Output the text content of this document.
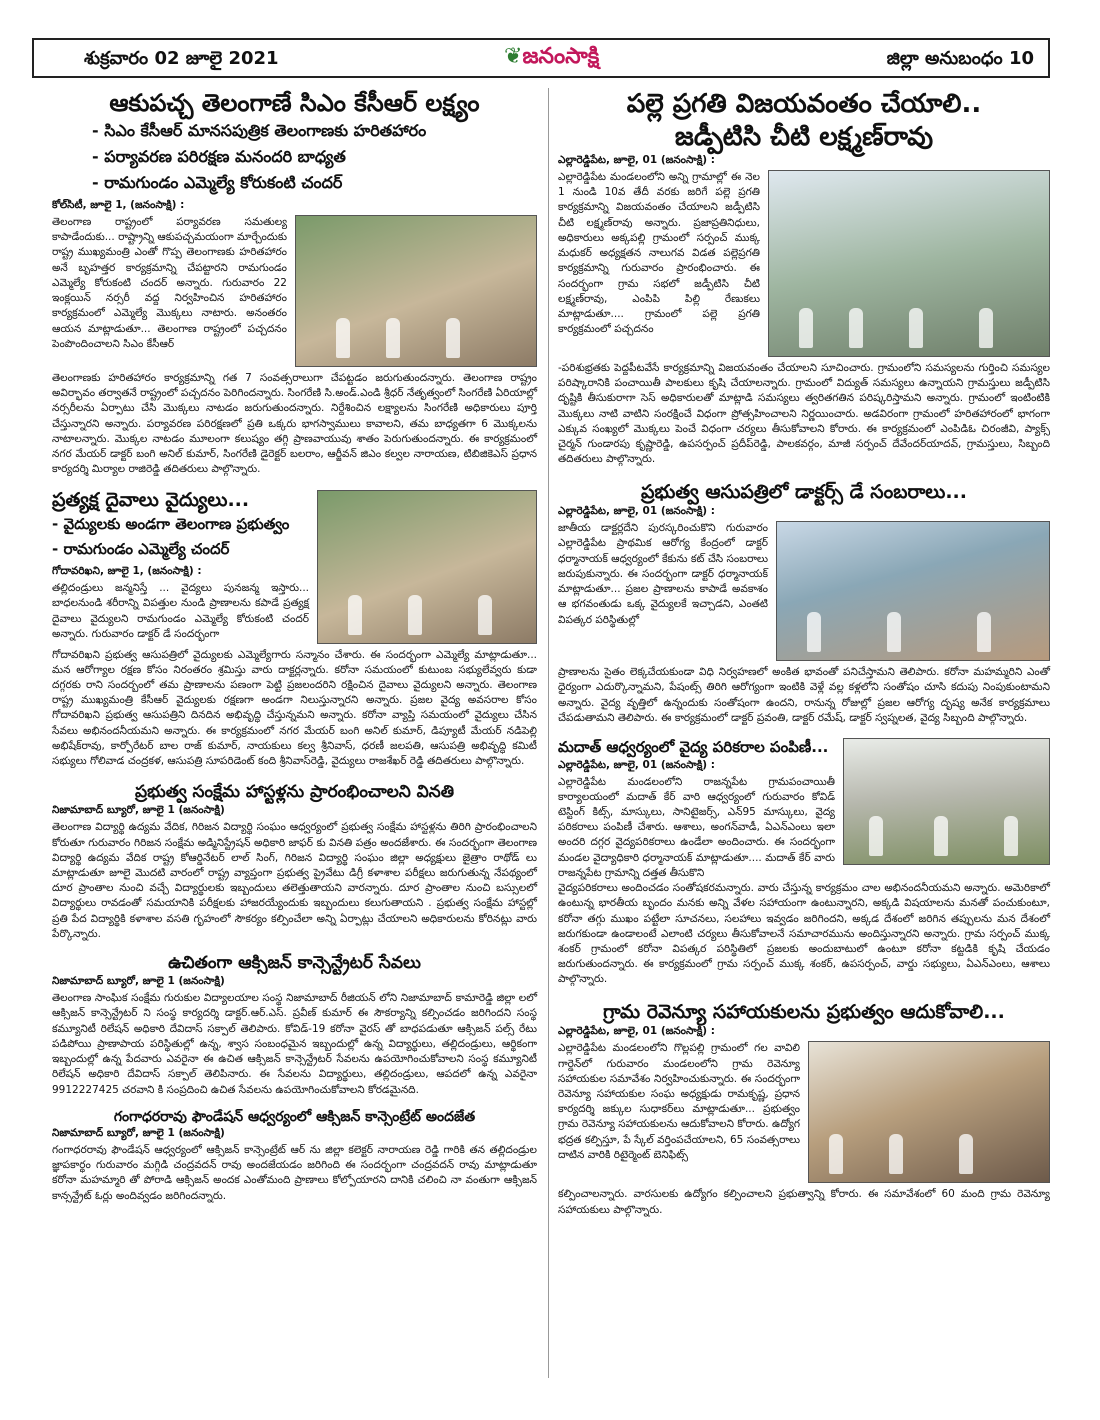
శుక్రవారం 02 జూలై 2021	❦జనంసాక్షి	జిల్లా అనుబంధం 10
ఆకుపచ్చ తెలంగాణే సిఎం కేసీఆర్ లక్ష్యం
- సిఎం కేసీఆర్ మానసపుత్రిక తెలంగాణకు హరితహారం
- పర్యావరణ పరిరక్షణ మనందరి బాధ్యత
- రామగుండం ఎమ్మెల్యే కోరుకంటి చందర్
కోల్‌సిటీ, జూలై 1, (జనంసాక్షి) :

తెలంగాణ రాష్ట్రంలో పర్యావరణ సమతుల్య కాపాడేందుకు... రాష్ట్రాన్ని ఆకుపచ్చమయంగా మార్చేందుకు రాష్ట్ర ముఖ్యమంత్రి ఎంతో గొప్ప తెలంగాణకు హరితహారం అనే బృహత్తర కార్యక్రమాన్ని చేపట్టారని రామగుండం ఎమ్మెల్యే కోరుకంటి చందర్ అన్నారు. గురువారం 22 ఇంక్లయిన్ నర్సరీ వద్ద నిర్వహించిన హరితహారం కార్యక్రమంలో ఎమ్మెల్యే మొక్కలు నాటారు. అనంతరం ఆయన మాట్లాడుతూ... తెలంగాణ రాష్ట్రంలో పచ్చదనం పెంపొందించాలని సిఎం కేసీఆర్

తెలంగాణకు హరితహారం కార్యక్రమాన్ని గత 7 సంవత్సరాలుగా చేపట్టడం జరుగుతుందన్నారు. తెలంగాణ రాష్ట్రం అవిర్భావం తర్వాతనే రాష్ట్రంలో పచ్చదనం పెరిగిందన్నారు. సింగరేణి సి.అండ్.ఎండి శ్రీధర్ నేతృత్వంలో సింగరేణి ఏరియాల్లో నర్సరీలను ఏర్పాటు చేసి మొక్కలు నాటడం జరుగుతుందన్నారు. నిర్దేశించిన లక్ష్యాలను సింగరేణి అధికారులు పూర్తి చేస్తున్నారని అన్నారు. పర్యావరణ పరిరక్షణలో ప్రతి ఒక్కరు భాగస్వాములు కావాలని, తమ బాధ్యతగా 6 మొక్కలను నాటాలన్నారు. మొక్కల నాటడం మూలంగా కలుష్యం తగ్గి ప్రాణవాయువు శాతం పెరుగుతుందన్నారు. ఈ కార్యక్రమంలో నగర మేయర్ డాక్టర్ బంగి అనిల్ కుమార్, సింగరేణి డైరెక్టర్ బలరాం, ఆర్జీవన్ జిఎం కల్వల నారాయణ, టిబిజికెఎస్ ప్రధాన కార్యదర్శి మిర్యాల రాజిరెడ్డి తదితరులు పాల్గొన్నారు.

ప్రత్యక్ష దైవాలు వైద్యులు...
- వైద్యులకు అండగా తెలంగాణ ప్రభుత్వం
- రామగుండం ఎమ్మెల్యే చందర్
గోదావరిఖని, జూలై 1, (జనంసాక్షి) :

తల్లిదండ్రులు జన్మనిస్తే ... వైద్యలు పునజన్మ ఇస్తారు... బాధలనుండి శరీరాన్ని విపత్తుల నుండి ప్రాణాలను కపాడే ప్రత్యక్ష దైవాలు వైద్యులని రామగుండం ఎమ్మెల్యే కోరుకంటి చందర్ అన్నారు. గురువారం డాక్టర్ డే సందర్భంగా

గోదావరిఖని ప్రభుత్వ ఆసుపత్రిలో వైద్యులకు ఎమ్మెల్యేగారు సన్మానం చేశారు. ఈ సందర్భంగా ఎమ్మెల్యే మాట్లాడుతూ... మన ఆరోగ్యాల రక్షణ కోసం నిరంతరం శ్రమిస్తు వారు దాక్టర్లన్నారు. కరోనా సమయంలో కుటుంబ సభ్యులేవ్వరు కుడా దగ్గరకు రాని సందర్బంలో తమ ప్రాణాలను పణంగా పెట్టి ప్రజలందరిని రక్షించిన దైవాలు వైద్యులని అన్నారు. తెలంగాణ రాష్ట్ర ముఖ్యమంత్రి కేసీఆర్ వైద్యులకు రక్షణగా అండగా నిలుస్తున్నారని అన్నారు. ప్రజల వైద్య అవసరాల కోసం గోదావరిఖని ప్రభుత్వ ఆసుపత్రిని దినదిన అభివృద్ధి చేస్తున్నమని అన్నారు. కరోనా వ్యాప్తి సమయంలో వైద్యులు చేసిన సేవలు అభినందనీయమని అన్నారు. ఈ కార్యక్రమంలో నగర మేయర్ బంగి అనిల్ కుమార్, డిప్యూటీ మేయర్ నడిపెల్లి అభిషేక్‌రావు, కార్పోరేటర్ బాల రాజ్ కుమార్, నాయకులు కల్వ శ్రీనివాస్, ధరణీ జలపతి, ఆసుపత్రి అభివృద్ధి కమిటీ సభ్యులు గోలివాడ చంద్రకళ, ఆసుపత్రి సూపరిడెంట్ కంది శ్రీనివాస్‌రెడ్డి, వైద్యులు రాజశేఖర్ రెడ్డి తదితరులు పాల్గొన్నారు.

ప్రభుత్వ సంక్షేమ హాస్టళ్లను ప్రారంభించాలని వినతి
నిజామాబాద్ బ్యూరో, జూలై 1 (జనంసాక్షి)

తెలంగాణ విద్యార్థి ఉద్యమ వేదిక, గిరిజన విద్యార్థి సంఘం ఆధ్వర్యంలో ప్రభుత్వ సంక్షేమ హాస్టళ్లను తిరిగి ప్రారంభించాలని కోరుతూ గురువారం గిరిజన సంక్షేమ అడ్మినిస్ట్రేషన్ అధికారి జాఫర్ కు వినతి పత్రం అందజేశారు. ఈ సందర్భంగా తెలంగాణ విద్యార్థి ఉద్యమ వేదిక రాష్ట్ర కోఆర్డినేటర్ లాల్ సింగ్, గిరిజన విద్యార్థి సంఘం జిల్లా అధ్యక్షులు జైత్రాం రాథోడ్ లు మాట్లాడుతూ జూలై మొదటి వారంలో రాష్ట్ర వ్యాప్తంగా ప్రభుత్వ ప్రైవేటు డిగ్రీ కళాశాల పరీక్షలు జరుగుతున్న నేపథ్యంలో దూర ప్రాంతాల నుంచి వచ్చే విద్యార్థులకు ఇబ్బందులు తలెత్తుతాయని వారన్నారు. దూర ప్రాంతాల నుంచి బస్సులలో విద్యార్థులు రావడంతో సమయానికి పరీక్షలకు హాజరయ్యేందుకు ఇబ్బందులు కలుగుతాయని . ప్రభుత్వ సంక్షేమ హాస్టల్లో ప్రతి పేద విద్యార్థికి కళాశాల వసతి గృహంలో సౌకర్యం కల్పించేలా అన్ని ఏర్పాట్లు చేయాలని అధికారులను కోరినట్లు వారు పేర్కొన్నారు.

ఉచితంగా ఆక్సిజన్ కాన్సెన్ట్రేటర్ సేవలు
నిజామాబాద్ బ్యూరో, జూలై 1 (జనంసాక్షి)

తెలంగాణ సాంఘిక సంక్షేమ గురుకుల విద్యాలయాల సంస్థ నిజామాబాద్ రీజియన్ లోని నిజామాబాద్ కామారెడ్డి జిల్లా లలో ఆక్సిజన్ కాన్సెన్ట్రేటర్ ని సంస్థ కార్యదర్శి డాక్టర్.ఆర్.ఎస్. ప్రవీణ్ కుమార్ ఈ సౌకర్యాన్ని కల్పించడం జరిగిందని సంస్థ కమ్యూనిటీ రిలేషన్ అధికారి దేవిదాస్ సక్పాల్ తెలిపారు. కోవిడ్-19 కరోనా వైరస్ తో బాధపడుతూ ఆక్సిజన్ పల్స్ రేటు పడిపోయి ప్రాణాపాయ పరిస్థితుల్లో ఉన్న, శ్వాస సంబంధమైన ఇబ్బందుల్లో ఉన్న విద్యార్థులు, తల్లిదండ్రులు, ఆర్థికంగా ఇబ్బందుల్లో ఉన్న పేదవారు ఎవరైనా ఈ ఉచిత ఆక్సిజన్ కాన్సెన్ట్రేటర్ సేవలను ఉపయోగించుకోవాలని సంస్థ కమ్యూనిటీ రిలేషన్ అధికారి దేవిదాస్ సక్పాల్ తెలిపినారు. ఈ సేవలను విద్యార్థులు, తల్లిదండ్రులు, ఆపదలో ఉన్న ఎవరైనా 9912227425 చరవాని కి సంప్రదించి ఉచిత సేవలను ఉపయోగించుకోవాలని కోరడమైనది.

గంగాధరరావు ఫౌండేషన్ ఆధ్వర్యంలో ఆక్సిజన్ కాన్సెంట్రేట్ అందజేత
నిజామాబాద్ బ్యూరో, జూలై 1 (జనంసాక్షి)

గంగాధరరావు ఫౌండేషన్ ఆధ్వర్యంలో ఆక్సిజన్ కాన్సెంట్రేట్ ఆర్ ను జిల్లా కలెక్టర్ నారాయణ రెడ్డి గారికి తన తల్లిదండ్రుల జ్ఞాపకార్థం గురువారం మగ్గిడి చంద్రవదన్ రావు అందజేయడం జరిగింది ఈ సందర్భంగా చంద్రవదన్ రావు మాట్లాడుతూ కరోనా మహమ్మారి తో పోరాడి ఆక్సిజన్ అందక ఎంతోమంది ప్రాణాలు కోల్పోయారని దానికి చలించి నా వంతుగా ఆక్సిజన్ కాన్సన్ట్రేట్ ఓర్లు అందివ్వడం జరిగిందన్నారు.

పల్లె ప్రగతి విజయవంతం చేయాలి..
జడ్పీటిసి చీటి లక్ష్మణ్‌రావు
ఎల్లారెడ్డిపేట, జూలై, 01 (జనంసాక్షి) :

ఎల్లారెడ్డిపేట మండలంలోని అన్ని గ్రామాల్లో ఈ నెల 1 నుండి 10వ తేదీ వరకు జరిగే పల్లె ప్రగతి కార్యక్రమాన్ని విజయవంతం చేయాలని జడ్పీటిసి చీటి లక్ష్మణ్‌రావు అన్నారు. ప్రజాప్రతినిధులు, అధికారులు అక్కపల్లి గ్రామంలో సర్పంచ్ ముక్క మధుకర్ అధ్యక్షతన నాలుగవ విడత పల్లెప్రగతి కార్యక్రమాన్ని గురువారం ప్రారంభించారు. ఈ సందర్భంగా గ్రామ సభలో జడ్పీటిసి చీటి లక్ష్మణ్‌రావు, ఎంపిపి పిల్లి రేణుకలు మాట్లాడుతూ.... గ్రామంలో పల్లె ప్రగతి కార్యక్రమంలో పచ్చదనం

-పరిశుభ్రతకు పెద్దపీటవేసే కార్యక్రమాన్ని విజయవంతం చేయాలని సూచించారు. గ్రామంలోని సమస్యలను గుర్తించి సమస్యల పరిష్కారానికి పంచాయితీ పాలకులు కృషి చేయాలన్నారు. గ్రామంలో విద్యుత్ సమస్యలు ఉన్నాయని గ్రామస్తులు జడ్పీటిసి దృష్టికి తీసుకురాగా సెస్ అధికారులతో మాట్లాడి సమస్యలు త్వరితగతిన పరిష్కరిస్తామని అన్నారు. గ్రామంలో ఇంటింటికి మొక్కలు నాటి వాటిని సంరక్షించే విధంగా ప్రోత్సహించాలని నిర్ణయించారు. అడవిరంగా గ్రామంలో హరితహారంలో భాగంగా ఎక్కువ సంఖ్యలో మొక్కలు పెంచే విధంగా చర్యలు తీసుకోవాలని కోరారు. ఈ కార్యక్రమంలో ఎంపిడిఓ చిరంజీవి, ప్యాక్స్ చైర్మన్ గుండారపు కృష్ణారెడ్డి, ఉపసర్పంచ్ ప్రదీప్‌రెడ్డి, పాలకవర్గం, మాజీ సర్పంచ్ దేవేందర్‌యాదవ్, గ్రామస్తులు, సిబ్బంది తదితరులు పాల్గొన్నారు.

ప్రభుత్వ ఆసుపత్రిలో డాక్టర్స్ డే సంబరాలు...
ఎల్లారెడ్డిపేట, జూలై, 01 (జనంసాక్షి) :

జాతీయ డాక్టర్లదేని పురస్కరించుకొని గురువారం ఎల్లారెడ్డిపేట ప్రాథమిక ఆరోగ్య కేంద్రంలో డాక్టర్ ధర్మానాయక్ ఆధ్వర్యంలో కేకును కట్ చేసి సంబరాలు జరుపుకున్నారు. ఈ సందర్భంగా డాక్టర్ ధర్మానాయక్ మాట్లాడుతూ... ప్రజల ప్రాణాలను కాపాడే అవకాశం ఆ భగవంతుడు ఒక్క వైద్యులకే ఇచ్చాడని, ఎంతటి విపత్కర పరిస్థితుల్లో

ప్రాణాలను సైతం లెక్కచేయకుండా విధి నిర్వహణలో అంకిత భావంతో పనిచేస్తామని తెలిపారు. కరోనా మహమ్మరిని ఎంతో ధైర్యంగా ఎదుర్కొన్నామని, పేషంట్స్ తిరిగి ఆరోగ్యంగా ఇంటికి వెళ్లే వల్ల కళ్లలోని సంతోషం చూసి కదుపు నింపుకుంటామని అన్నారు. వైద్య వృత్తిలో ఉన్నందుకు సంతోషంగా ఉందని, రానున్న రోజుల్లో ప్రజల ఆరోగ్య దృష్య అనేక కార్యక్రమాలు చేపడుతామని తెలిపారు. ఈ కార్యక్రమంలో డాక్టర్ ప్రవంతి, డాక్టర్ రమేష్, డాక్టర్ స్వప్నలత, వైద్య సిబ్బంది పాల్గొన్నారు.

మదాత్ ఆధ్వర్యంలో వైద్య పరికరాల పంపిణీ...
ఎల్లారెడ్డిపేట, జూలై, 01 (జనంసాక్షి) :

ఎల్లారెడ్డిపేట మండలంలోని రాజన్నపేట గ్రామపంచాయితీ కార్యాలయంలో మదాత్ కేర్ వారి ఆధ్వర్యంలో గురువారం కోవిడ్ టెస్టింగ్ కిట్స్, మాస్కులు, సానిటైజర్స్, ఎన్95 మాస్కులు, వైద్య పరికరాలు పంపిణీ చేశారు. ఆశాలు, అంగన్‌వాడీ, ఏఎన్ఎంలు ఇలా అందరి దగ్గర వైద్యపరికరాలు ఉండేలా అందించారు. ఈ సందర్భంగా మండల వైద్యాధికారి ధర్మానాయక్ మాట్లాడుతూ.... మదాత్ కేర్ వారు రాజన్నపేట గ్రామాన్ని దత్తత తీసుకొని

వైద్యపరికరాలు అందించడం సంతోషకరమన్నారు. వారు చేస్తున్న కార్యక్రమం చాల అభినందనీయమని అన్నారు. అమెరికాలో ఉంటున్న భారతీయ బృందం మనకు అన్ని వేళల సహాయంగా ఉంటున్నారని, అక్కడి విషయాలను మనతో పంచుకుంటూ, కరోనా తగ్గు ముఖం పట్టేలా సూచనలు, సలహాలు ఇవ్వడం జరిగిందని, అక్కడ దేశంలో జరిగిన తప్పులను మన దేశంలో జరుగకుండా ఉండాలంటే ఎలాంటి చర్యలు తీసుకోవాలనే సమాచారమును అందిస్తున్నారని అన్నారు. గ్రామ సర్పంచ్ ముక్క శంకర్ గ్రామంలో కరోనా విపత్కర పరిస్థితిలో ప్రజలకు అందుబాటులో ఉంటూ కరోనా కట్టడికి కృషి చేయడం జరుగుతుందన్నారు. ఈ కార్యక్రమంలో గ్రామ సర్పంచ్ ముక్క శంకర్, ఉపసర్పంచ్, వార్డు సభ్యులు, ఏఎన్ఎంలు, ఆశాలు పాల్గొన్నారు.

గ్రామ రెవెన్యూ సహాయకులను ప్రభుత్వం ఆదుకోవాలి...
ఎల్లారెడ్డిపేట, జూలై, 01 (జనంసాక్షి) :

ఎల్లారెడ్డిపేట మండలంలోని గొల్లపల్లి గ్రామంలో గల వావిలి గార్డెన్‌లో గురువారం మండలంలోని గ్రామ రెవెన్యూ సహాయకుల సమావేశం నిర్వహించుకున్నారు. ఈ సందర్భంగా రెవెన్యూ సహాయకుల సంఘ అధ్యక్షుడు రామకృష్ణ, ప్రధాన కార్యదర్శి జక్కుల సుధాకర్‌లు మాట్లాడుతూ... ప్రభుత్వం గ్రామ రెవెన్యూ సహాయకులను ఆదుకోవాలని కోరారు. ఉద్యోగ భద్రత కల్పిస్తూ, పే స్కేల్ వర్తింపచేయాలని, 65 సంవత్సరాలు దాటిన వారికి రిటైర్మెంట్ బెనిఫిట్స్

కల్పించాలన్నారు. వారసులకు ఉద్యోగం కల్పించాలని ప్రభుత్వాన్ని కోరారు. ఈ సమావేశంలో 60 మంది గ్రామ రెవెన్యూ సహాయకులు పాల్గొన్నారు.
